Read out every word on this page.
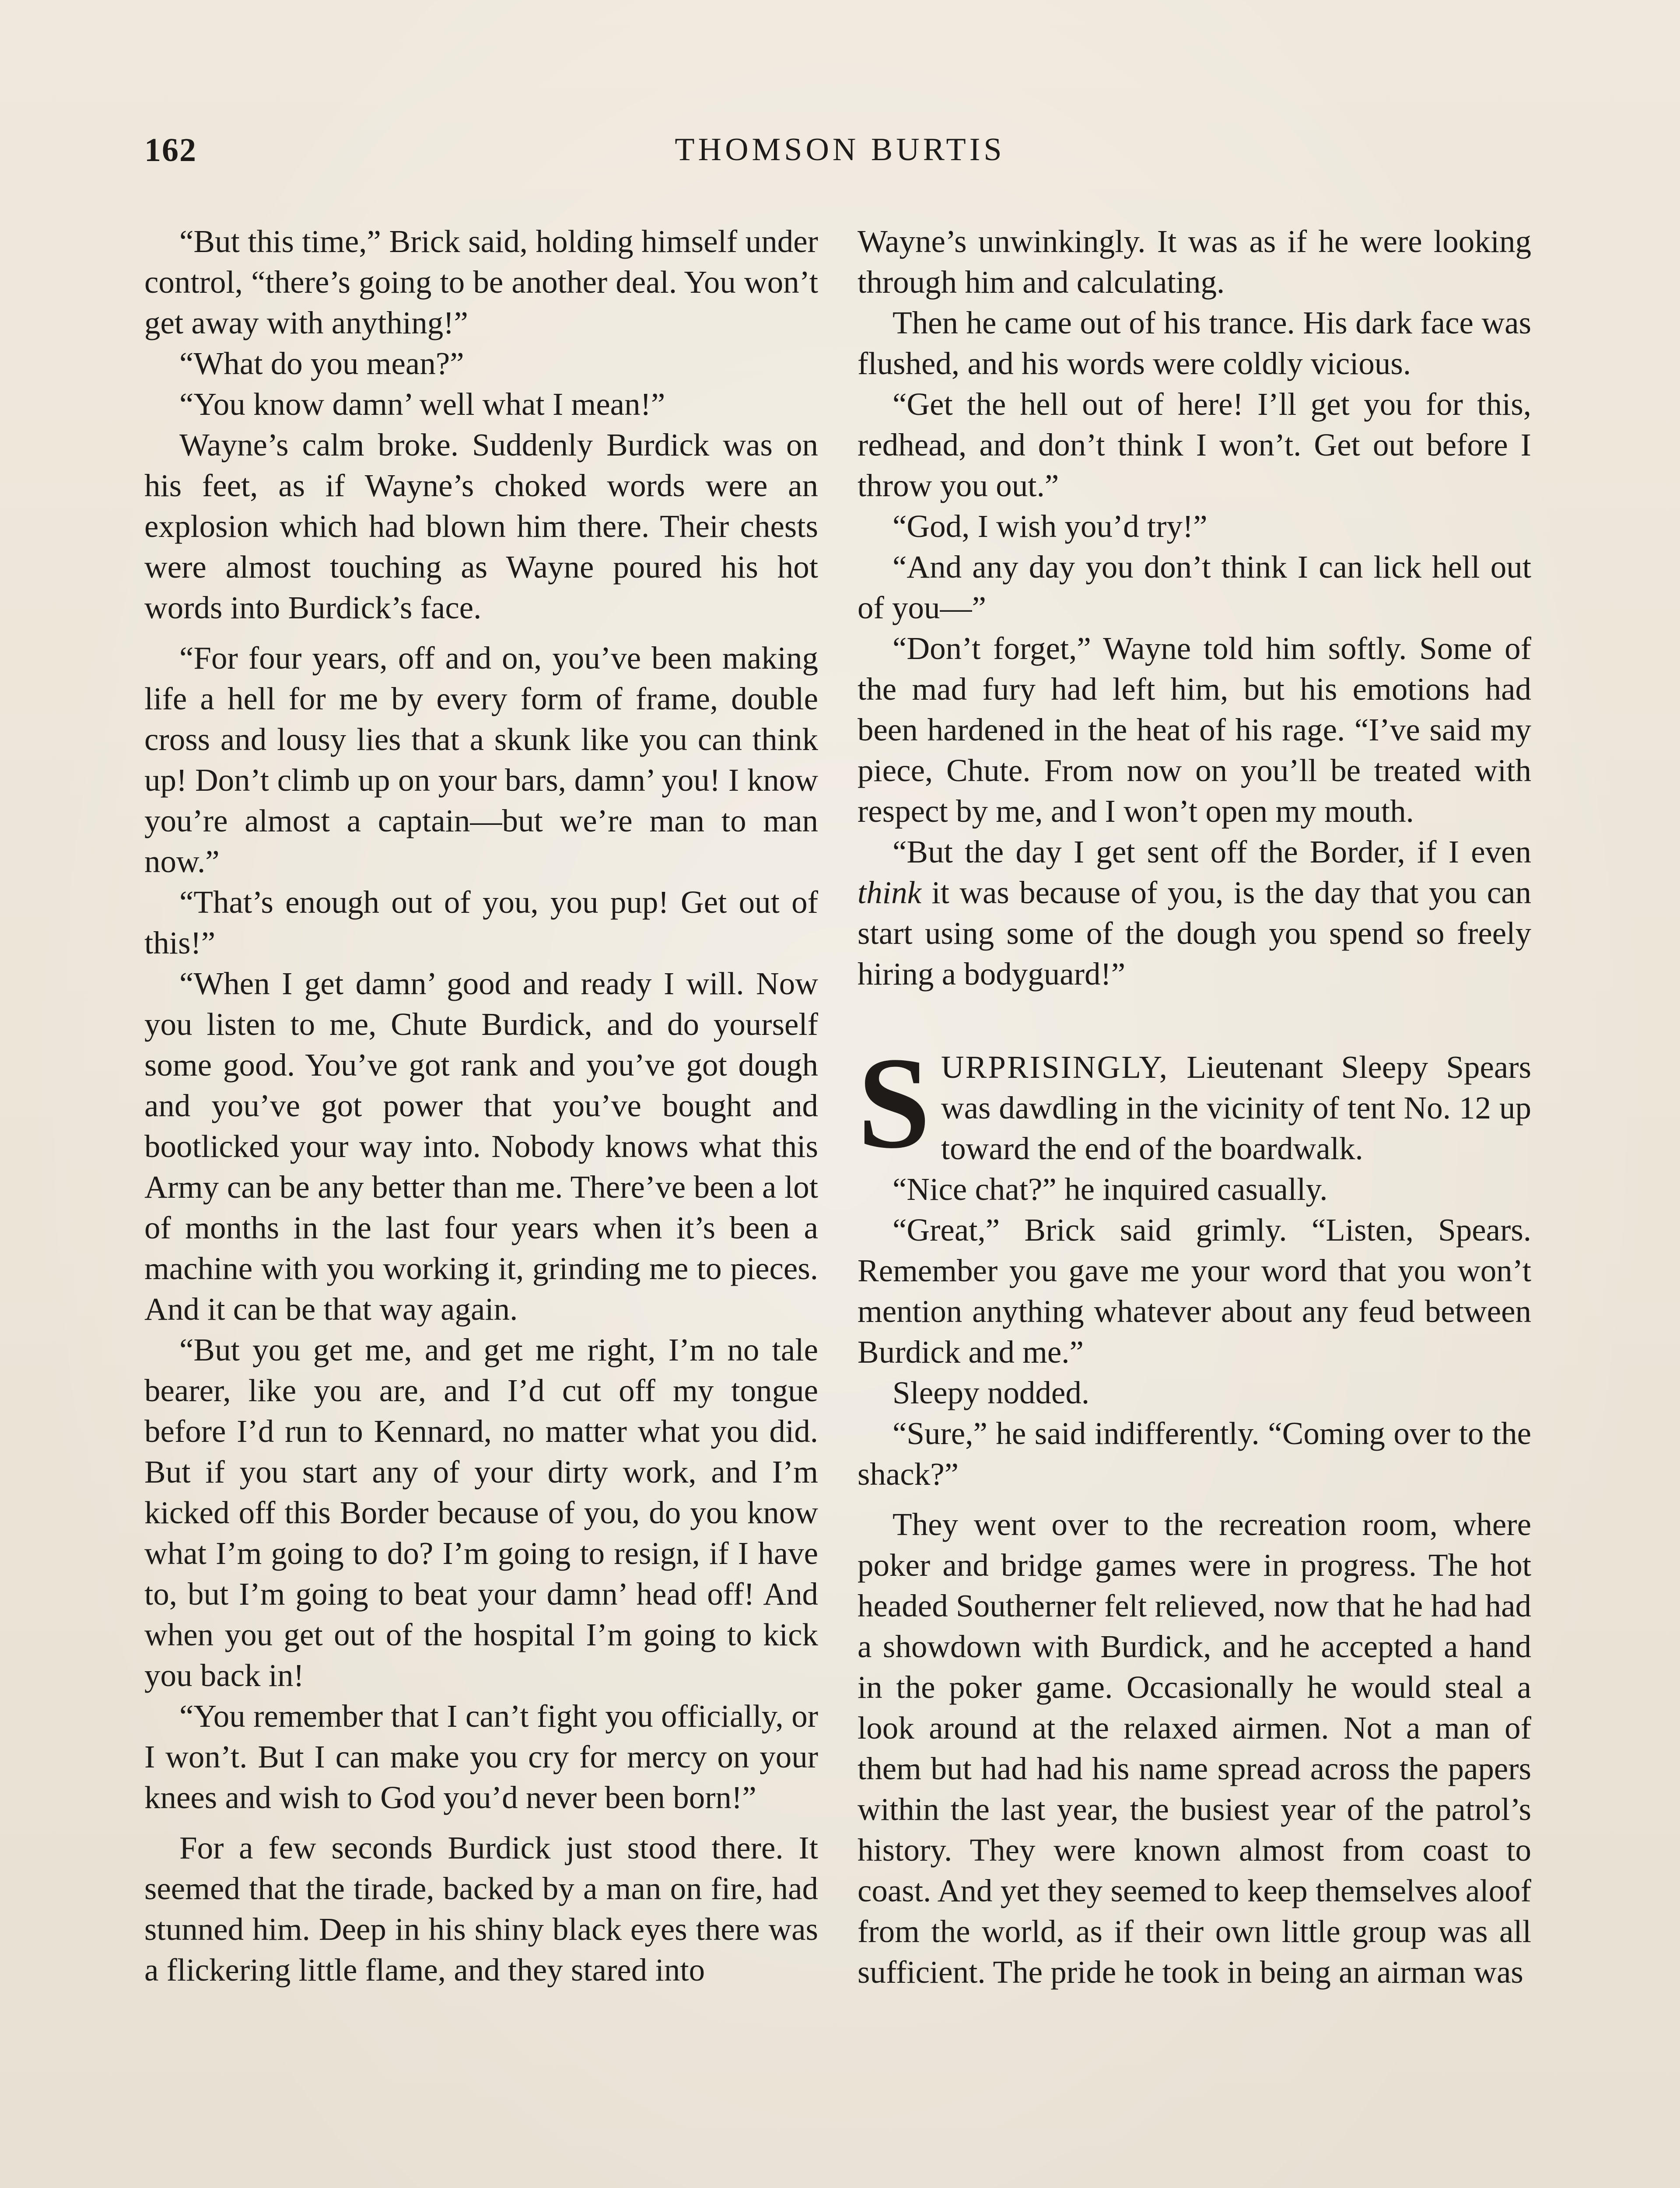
162	THOMSON BURTIS

“But this time,” Brick said, holding himself under control, “there’s going to be another deal. You won’t get away with anything!”

“What do you mean?”

“You know damn’ well what I mean!”

Wayne’s calm broke. Suddenly Burdick was on his feet, as if Wayne’s choked words were an explosion which had blown him there. Their chests were almost touching as Wayne poured his hot words into Burdick’s face.

“For four years, off and on, you’ve been making life a hell for me by every form of frame, double cross and lousy lies that a skunk like you can think up! Don’t climb up on your bars, damn’ you! I know you’re almost a captain—but we’re man to man now.”

“That’s enough out of you, you pup! Get out of this!”

“When I get damn’ good and ready I will. Now you listen to me, Chute Burdick, and do yourself some good. You’ve got rank and you’ve got dough and you’ve got power that you’ve bought and bootlicked your way into. Nobody knows what this Army can be any better than me. There’ve been a lot of months in the last four years when it’s been a machine with you working it, grinding me to pieces. And it can be that way again.

“But you get me, and get me right, I’m no tale bearer, like you are, and I’d cut off my tongue before I’d run to Kennard, no matter what you did. But if you start any of your dirty work, and I’m kicked off this Border because of you, do you know what I’m going to do? I’m going to resign, if I have to, but I’m going to beat your damn’ head off! And when you get out of the hospital I’m going to kick you back in!

“You remember that I can’t fight you officially, or I won’t. But I can make you cry for mercy on your knees and wish to God you’d never been born!”

For a few seconds Burdick just stood there. It seemed that the tirade, backed by a man on fire, had stunned him. Deep in his shiny black eyes there was a flickering little flame, and they stared into

Wayne’s unwinkingly. It was as if he were looking through him and calculating.

Then he came out of his trance. His dark face was flushed, and his words were coldly vicious.

“Get the hell out of here! I’ll get you for this, redhead, and don’t think I won’t. Get out before I throw you out.”

“God, I wish you’d try!”

“And any day you don’t think I can lick hell out of you—”

“Don’t forget,” Wayne told him softly. Some of the mad fury had left him, but his emotions had been hardened in the heat of his rage. “I’ve said my piece, Chute. From now on you’ll be treated with respect by me, and I won’t open my mouth.

“But the day I get sent off the Border, if I even think it was because of you, is the day that you can start using some of the dough you spend so freely hiring a bodyguard!”

SURPRISINGLY, Lieutenant Sleepy Spears was dawdling in the vicinity of tent No. 12 up toward the end of the boardwalk.

“Nice chat?” he inquired casually.

“Great,” Brick said grimly. “Listen, Spears. Remember you gave me your word that you won’t mention anything whatever about any feud between Burdick and me.”

Sleepy nodded.

“Sure,” he said indifferently. “Coming over to the shack?”

They went over to the recreation room, where poker and bridge games were in progress. The hot headed Southerner felt relieved, now that he had had a showdown with Burdick, and he accepted a hand in the poker game. Occasionally he would steal a look around at the relaxed airmen. Not a man of them but had had his name spread across the papers within the last year, the busiest year of the patrol’s history. They were known almost from coast to coast. And yet they seemed to keep themselves aloof from the world, as if their own little group was all sufficient. The pride he took in being an airman was
